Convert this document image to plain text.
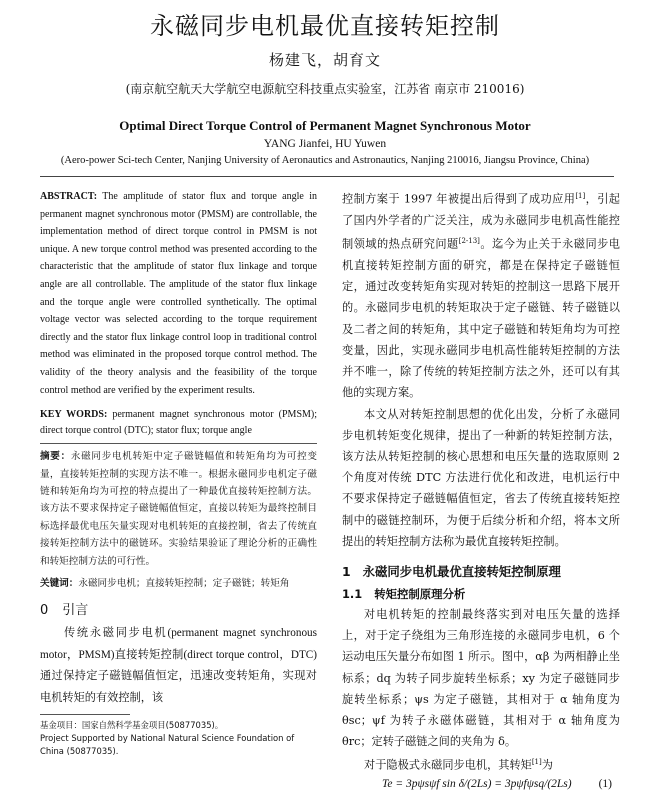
永磁同步电机最优直接转矩控制
杨建飞，胡育文
(南京航空航天大学航空电源航空科技重点实验室，江苏省 南京市 210016)
Optimal Direct Torque Control of Permanent Magnet Synchronous Motor
YANG Jianfei, HU Yuwen
(Aero-power Sci-tech Center, Nanjing University of Aeronautics and Astronautics, Nanjing 210016, Jiangsu Province, China)
ABSTRACT: The amplitude of stator flux and torque angle in permanent magnet synchronous motor (PMSM) are controllable, the implementation method of direct torque control in PMSM is not unique. A new torque control method was presented according to the characteristic that the amplitude of stator flux linkage and torque angle are all controllable. The amplitude of the stator flux linkage and the torque angle were controlled synthetically. The optimal voltage vector was selected according to the torque requirement directly and the stator flux linkage control loop in traditional control method was eliminated in the proposed torque control method. The validity of the theory analysis and the feasibility of the torque control method are verified by the experiment results.
KEY WORDS: permanent magnet synchronous motor (PMSM); direct torque control (DTC); stator flux; torque angle
摘要：永磁同步电机转矩中定子磁链幅值和转矩角均为可控变量，直接转矩控制的实现方法不唯一。根据永磁同步电机定子磁链和转矩角均为可控的特点提出了一种最优直接转矩控制方法。该方法不要求保持定子磁链幅值恒定，直接以转矩为最终控制目标选择最优电压矢量实现对电机转矩的直接控制，省去了传统直接转矩控制方法中的磁链环。实验结果验证了理论分析的正确性和转矩控制方法的可行性。
关键词：永磁同步电机；直接转矩控制；定子磁链；转矩角
0 引言
传统永磁同步电机(permanent magnet synchronous motor，PMSM)直接转矩控制(direct torque control，DTC)通过保持定子磁链幅值恒定，迅速改变转矩角，实现对电机转矩的有效控制，该
基金项目：国家自然科学基金项目(50877035)。
Project Supported by National Natural Science Foundation of China (50877035).
控制方案于 1997 年被提出后得到了成功应用[1]，引起了国内外学者的广泛关注，成为永磁同步电机高性能控制领域的热点研究问题[2-13]。迄今为止关于永磁同步电机直接转矩控制方面的研究，都是在保持定子磁链恒定，通过改变转矩角实现对转矩的控制这一思路下展开的。永磁同步电机的转矩取决于定子磁链、转子磁链以及二者之间的转矩角，其中定子磁链和转矩角均为可控变量，因此，实现永磁同步电机高性能转矩控制的方法并不唯一，除了传统的转矩控制方法之外，还可以有其他的实现方案。
本文从对转矩控制思想的优化出发，分析了永磁同步电机转矩变化规律，提出了一种新的转矩控制方法，该方法从转矩控制的核心思想和电压矢量的选取原则 2 个角度对传统 DTC 方法进行优化和改进，电机运行中不要求保持定子磁链幅值恒定，省去了传统直接转矩控制中的磁链控制环，为便于后续分析和介绍，将本文所提出的转矩控制方法称为最优直接转矩控制。
1 永磁同步电机最优直接转矩控制原理
1.1 转矩控制原理分析
对电机转矩的控制最终落实到对电压矢量的选择上，对于定子绕组为三角形连接的永磁同步电机，6 个运动电压矢量分布如图 1 所示。图中，αβ 为两相静止坐标系；dq 为转子同步旋转坐标系；xy 为定子磁链同步旋转坐标系；ψs 为定子磁链，其相对于 α 轴角度为 θsc；ψf 为转子永磁体磁链，其相对于 α 轴角度为 θrc；定转子磁链之间的夹角为 δ。
对于隐极式永磁同步电机，其转矩[1]为
Te = 3pψsψf sin δ/(2Ls) = 3pψfψsq/(2Ls) (1)
